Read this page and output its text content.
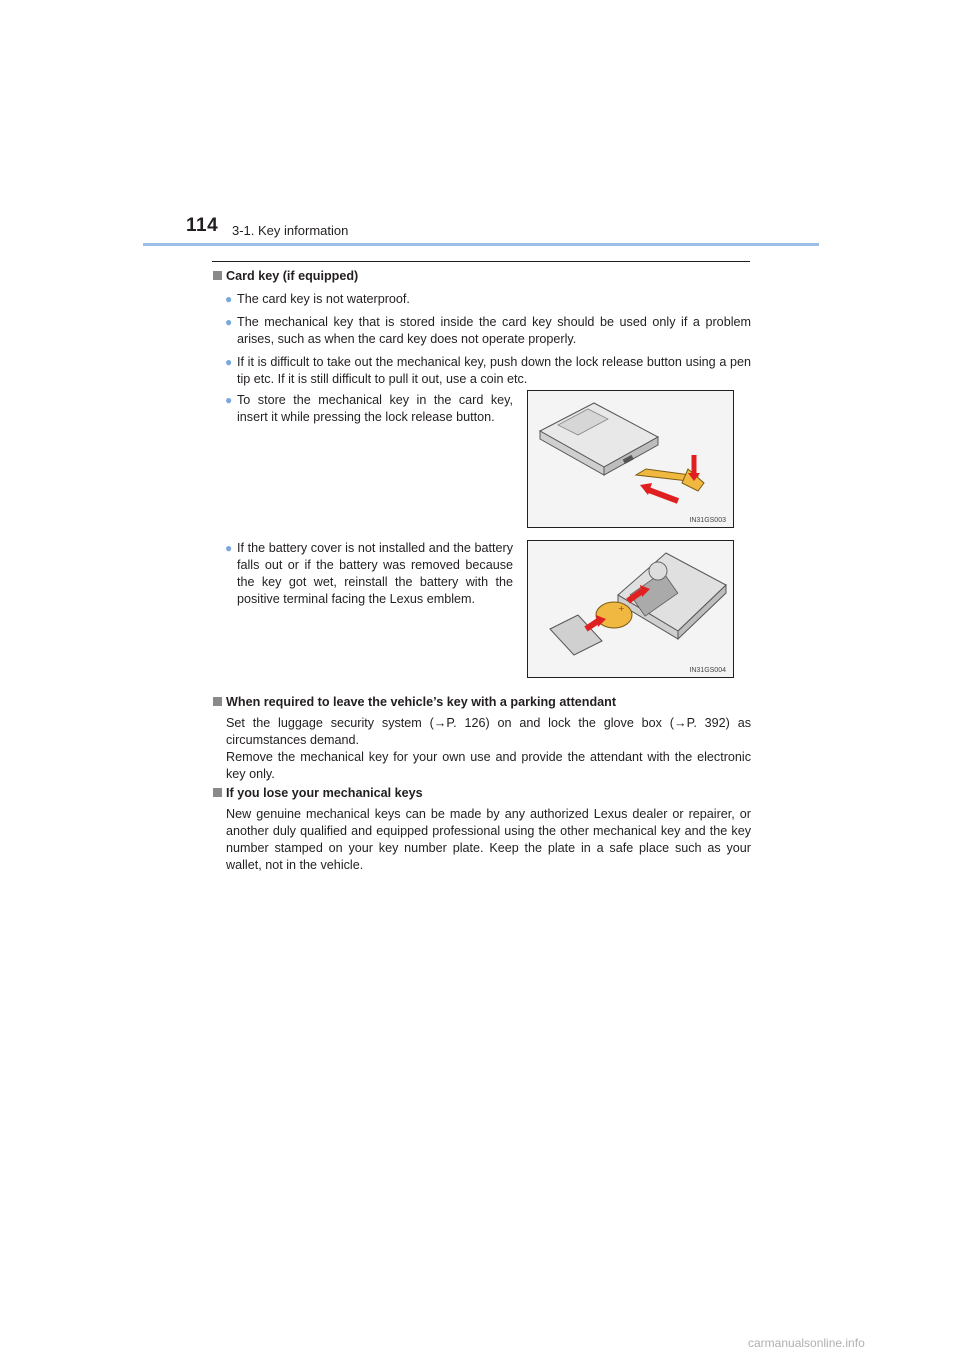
114 3-1. Key information
Card key (if equipped)
● The card key is not waterproof.
● The mechanical key that is stored inside the card key should be used only if a problem arises, such as when the card key does not operate properly.
● If it is difficult to take out the mechanical key, push down the lock release button using a pen tip etc. If it is still difficult to pull it out, use a coin etc.
● To store the mechanical key in the card key, insert it while pressing the lock release button.
● If the battery cover is not installed and the battery falls out or if the battery was removed because the key got wet, reinstall the battery with the positive terminal facing the Lexus emblem.
IN31GS003
+
IN31GS004
When required to leave the vehicle’s key with a parking attendant
Set the luggage security system (→P. 126) on and lock the glove box (→P. 392) as circumstances demand.
Remove the mechanical key for your own use and provide the attendant with the electronic key only.
If you lose your mechanical keys
New genuine mechanical keys can be made by any authorized Lexus dealer or repairer, or another duly qualified and equipped professional using the other mechanical key and the key number stamped on your key number plate. Keep the plate in a safe place such as your wallet, not in the vehicle.
carmanualsonline.info
